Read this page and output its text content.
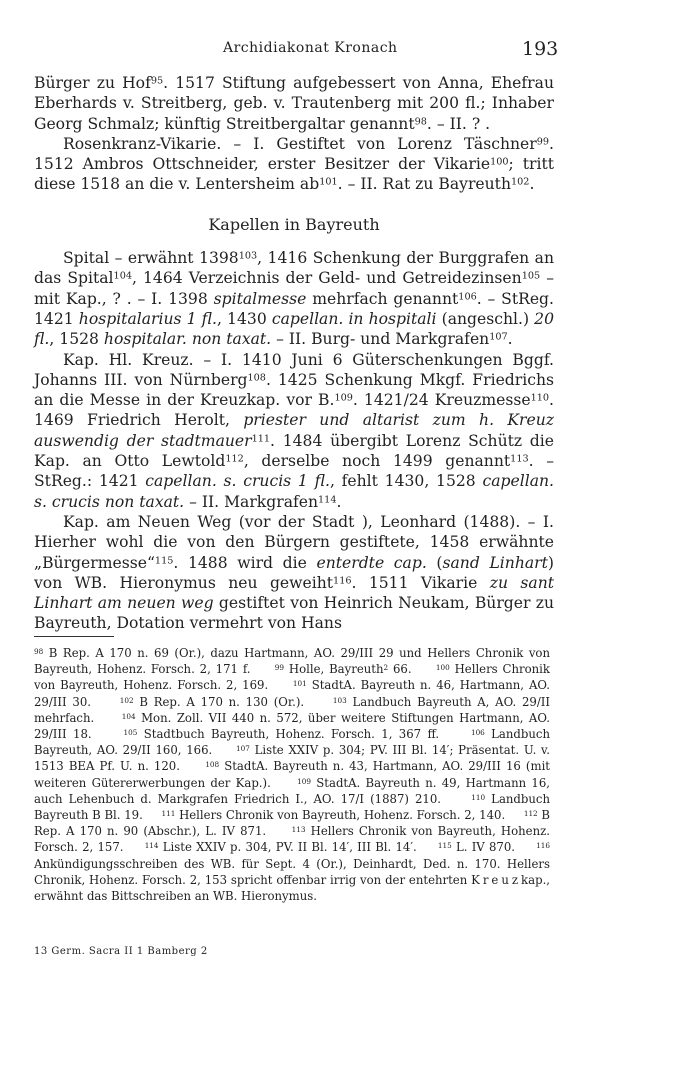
Archidiakonat Kronach	193

Bürger zu Hof$^{95}$. 1517 Stiftung aufgebessert von Anna, Ehefrau Eberhards v. Streitberg, geb. v. Trautenberg mit 200 fl.; Inhaber Georg Schmalz; künftig Streitbergaltar genannt$^{98}$. – II. ? .

Rosenkranz-Vikarie. – I. Gestiftet von Lorenz Täschner$^{99}$. 1512 Ambros Ottschneider, erster Besitzer der Vikarie$^{100}$; tritt diese 1518 an die v. Lentersheim $ab^{101}$. – II. Rat zu Bayreuth$^{102}$.

Kapellen in Bayreuth

Spital – erwähnt 1398$^{103}$, 1416 Schenkung der Burggrafen an das Spital$^{104}$, 1464 Verzeichnis der Geld- und Getreidezinsen$^{105}$ – mit Kap., ? . – I. 1398 spitalmesse mehrfach genannt$^{106}$. – StReg. 1421 hospitalarius 1 fl., 1430 capellan. in hospitali (angeschl.) 20 fl., 1528 hospitalar. non taxat. – II. Burg- und Markgrafen$^{107}$.

Kap. Hl. Kreuz. – I. 1410 Juni 6 Güterschenkungen Bggf. Johanns III. von Nürnberg$^{108}$. 1425 Schenkung Mkgf. Friedrichs an die Messe in der Kreuzkap. vor B.$^{109}$. 1421/24 Kreuzmesse$^{110}$. 1469 Friedrich Herolt, priester und altarist zum h. Kreuz auswendig der stadtmauer$^{111}$. 1484 übergibt Lorenz Schütz die Kap. an Otto Lewtold$^{112}$, derselbe noch 1499 genannt$^{113}$. – StReg.: 1421 capellan. s. crucis 1 fl., fehlt 1430, 1528 capellan. s. crucis non taxat. – II. Markgrafen$^{114}$.

Kap. am Neuen Weg (vor der Stadt ), Leonhard (1488). – I. Hierher wohl die von den Bürgern gestiftete, 1458 erwähnte „Bürgermesse“$^{115}$. 1488 wird die enterdte cap. (sand Linhart) von WB. Hieronymus neu geweiht$^{116}$. 1511 Vikarie zu sant Linhart am neuen weg gestiftet von Heinrich Neukam, Bürger zu Bayreuth, Dotation vermehrt von Hans

$^{98}$ B Rep. A 170 n. 69 (Or.), dazu Hartmann, AO. 29/III 29 und Hellers Chronik von Bayreuth, Hohenz. Forsch. 2, 171 f.     $^{99}$ Holle, Bayreuth$^2$ 66.     $^{100}$ Hellers Chronik von Bayreuth, Hohenz. Forsch. 2, 169.     $^{101}$ StadtA. Bayreuth n. 46, Hartmann, AO. 29/III 30.     $^{102}$ B Rep. A 170 n. 130 (Or.).     $^{103}$ Landbuch Bayreuth A, AO. 29/II mehrfach.     $^{104}$ Mon. Zoll. VII 440 n. 572, über weitere Stiftungen Hartmann, AO. 29/III 18.     $^{105}$ Stadtbuch Bayreuth, Hohenz. Forsch. 1, 367 ff.     $^{106}$ Landbuch Bayreuth, AO. 29/II 160, 166.     $^{107}$ Liste XXIV p. 304; PV. III Bl. 14′; Präsentat. U. v. 1513 BEA Pf. U. n. 120.     $^{108}$ StadtA. Bayreuth n. 43, Hartmann, AO. 29/III 16 (mit weiteren Gütererwerbungen der Kap.).     $^{109}$ StadtA. Bayreuth n. 49, Hartmann 16, auch Lehenbuch d. Markgrafen Friedrich I., AO. 17/I (1887) 210.     $^{110}$ Landbuch Bayreuth B Bl. 19.     $^{111}$ Hellers Chronik von Bayreuth, Hohenz. Forsch. 2, 140.     $^{112}$ B Rep. A 170 n. 90 (Abschr.), L. IV 871.     $^{113}$ Hellers Chronik von Bayreuth, Hohenz. Forsch. 2, 157.     $^{114}$ Liste XXIV p. 304, PV. II Bl. 14′, III Bl. 14′.     $^{115}$ L. IV 870.     $^{116}$ Ankündigungsschreiben des WB. für Sept. 4 (Or.), Deinhardt, Ded. n. 170. Hellers Chronik, Hohenz. Forsch. 2, 153 spricht offenbar irrig von der entehrten Kreuzkap., erwähnt das Bittschreiben an WB. Hieronymus.
13 Germ. Sacra II 1 Bamberg 2
